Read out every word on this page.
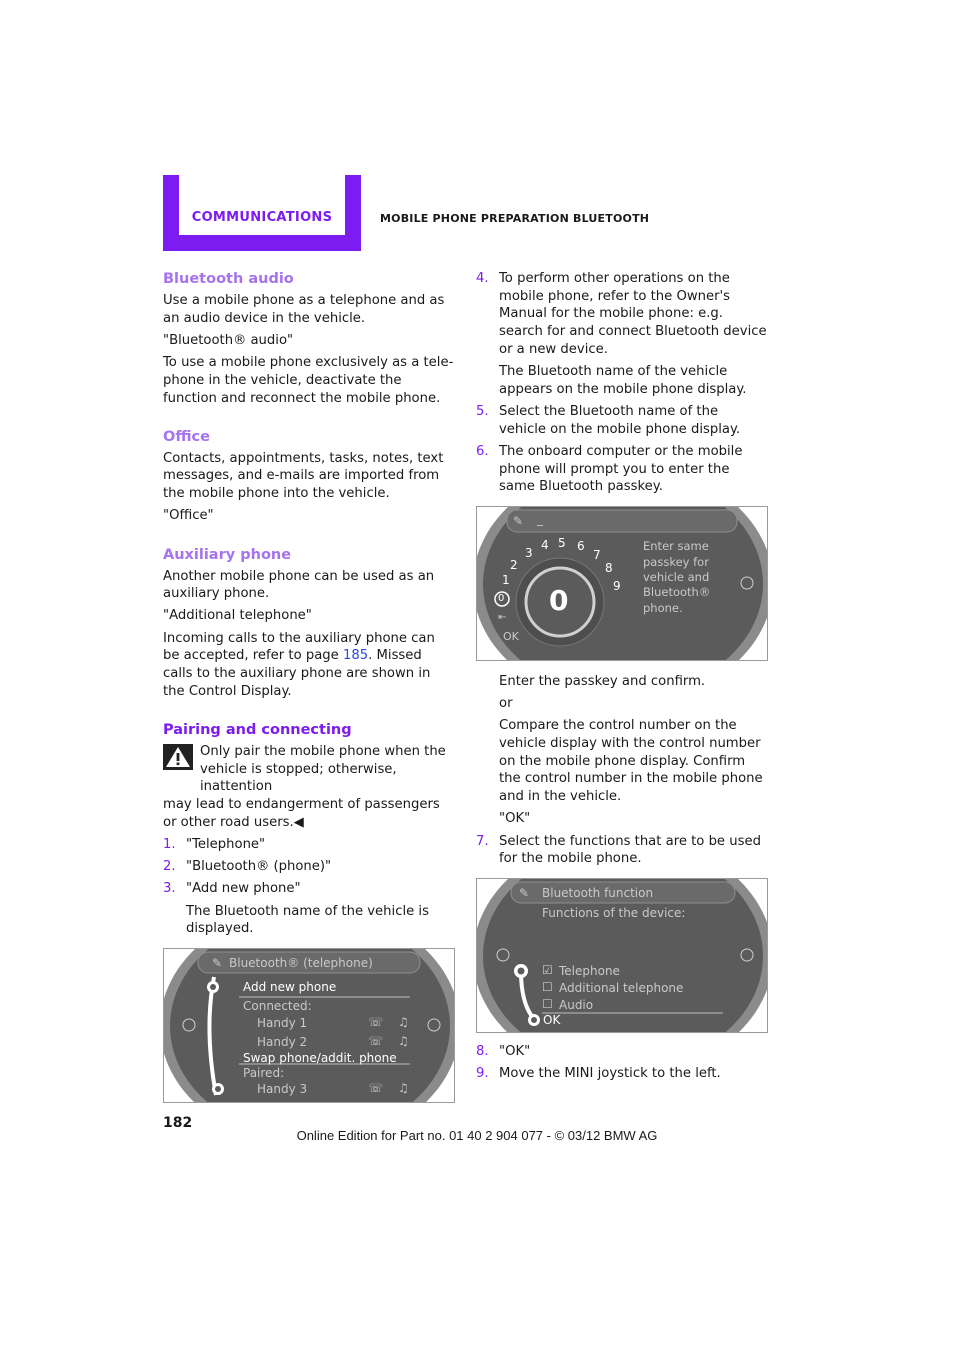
COMMUNICATIONS	MOBILE PHONE PREPARATION BLUETOOTH
Bluetooth audio

Use a mobile phone as a telephone and as an audio device in the vehicle.

"Bluetooth® audio"

To use a mobile phone exclusively as a tele-phone in the vehicle, deactivate the function and reconnect the mobile phone.

Office

Contacts, appointments, tasks, notes, text messages, and e-mails are imported from the mobile phone into the vehicle.

"Office"

Auxiliary phone

Another mobile phone can be used as an auxiliary phone.

"Additional telephone"

Incoming calls to the auxiliary phone can be accepted, refer to page 185. Missed calls to the auxiliary phone are shown in the Control Display.

Pairing and connecting
Only pair the mobile phone when the vehicle is stopped; otherwise, inattention
may lead to endangerment of passengers or other road users.◀
1. "Telephone"
2. "Bluetooth® (phone)"
3. "Add new phone"

The Bluetooth name of the vehicle is displayed.

✎ Bluetooth® (telephone)
Add new phone
Connected:
Handy 1
Handy 2
Swap phone/addit. phone
Paired:
Handy 3
☏ ♫
☏ ♫
☏ ♫
4. To perform other operations on the mobile phone, refer to the Owner's Manual for the mobile phone: e.g. search for and connect Bluetooth device or a new device.

The Bluetooth name of the vehicle appears on the mobile phone display.

5. Select the Bluetooth name of the vehicle on the mobile phone display.
6. The onboard computer or the mobile phone will prompt you to enter the same Bluetooth passkey.
✎ _
1
2
3
4 5 6
7
8
9
0
0
⇤
OK
Enter same
passkey for
vehicle and
Bluetooth®
phone.

Enter the passkey and confirm.

or

Compare the control number on the vehicle display with the control number on the mobile phone display. Confirm the control number in the mobile phone and in the vehicle.

"OK"

7. Select the functions that are to be used for the mobile phone.
✎ Bluetooth function
Functions of the device:
☑ Telephone
☐ Additional telephone
☐ Audio
OK
8. "OK"
9. Move the MINI joystick to the left.
182
Online Edition for Part no. 01 40 2 904 077 - © 03/12 BMW AG
